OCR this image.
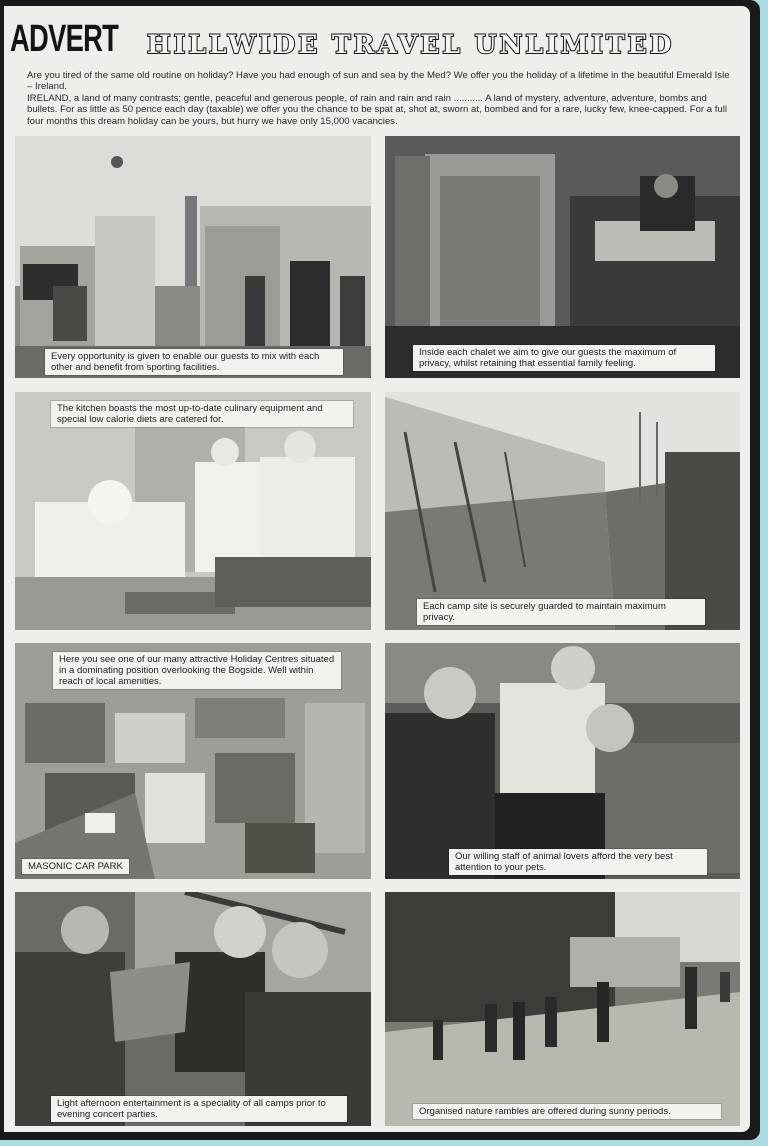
ADVERT HILLWIDE TRAVEL UNLIMITED

Are you tired of the same old routine on holiday? Have you had enough of sun and sea by the Med? We offer you the holiday of a lifetime in the beautiful Emerald Isle – Ireland.

IRELAND, a land of many contrasts; gentle, peaceful and generous people, of rain and rain and rain ........... A land of mystery, adventure, adventure, bombs and bullets. For as little as 50 pence each day (taxable) we offer you the chance to be spat at, shot at, sworn at, bombed and for a rare, lucky few, knee-capped. For a full four months this dream holiday can be yours, but hurry we have only 15,000 vacancies.

Every opportunity is given to enable our guests to mix with each other and benefit from sporting facilities.
Inside each chalet we aim to give our guests the maximum of privacy, whilst retaining that essential family feeling.
The kitchen boasts the most up-to-date culinary equipment and special low calorie diets are catered for.
Each camp site is securely guarded to maintain maximum privacy.
Here you see one of our many attractive Holiday Centres situated in a dominating position overlooking the Bogside. Well within reach of local amenities.
MASONIC CAR PARK
Our willing staff of animal lovers afford the very best attention to your pets.
Light afternoon entertainment is a speciality of all camps prior to evening concert parties.	Organised nature rambles are offered during sunny periods.
